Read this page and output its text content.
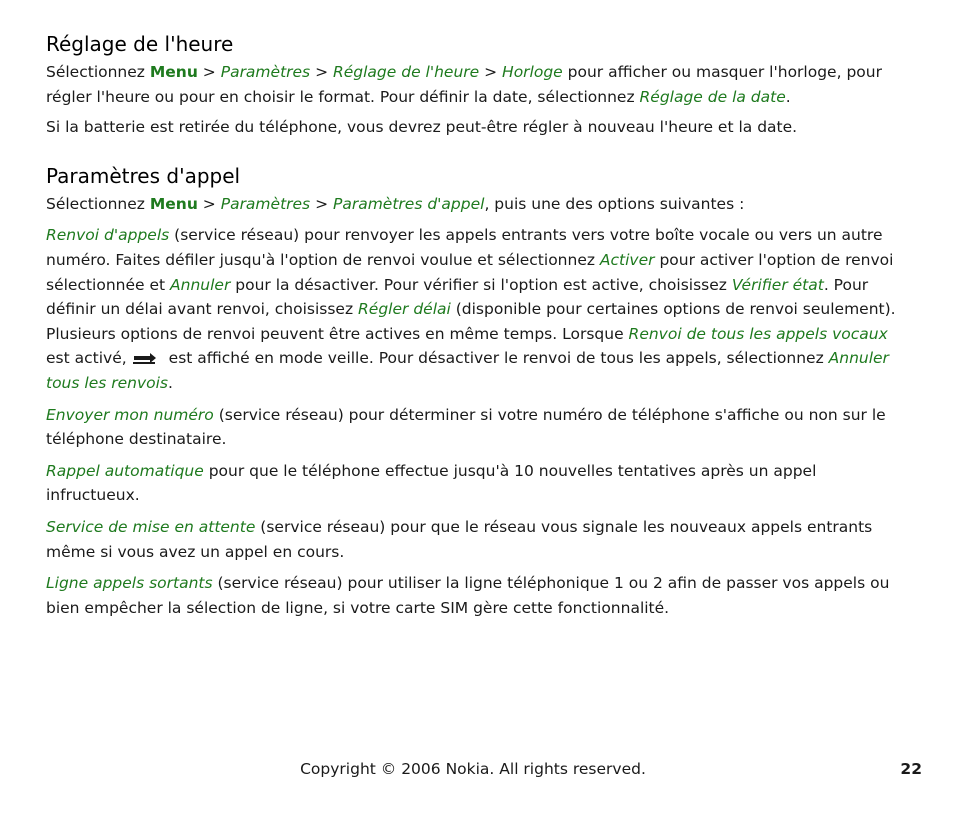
Réglage de l'heure

Sélectionnez Menu > Paramètres > Réglage de l'heure > Horloge pour afficher ou masquer l'horloge, pour régler l'heure ou pour en choisir le format. Pour définir la date, sélectionnez Réglage de la date.

Si la batterie est retirée du téléphone, vous devrez peut-être régler à nouveau l'heure et la date.

Paramètres d'appel

Sélectionnez Menu > Paramètres > Paramètres d'appel, puis une des options suivantes :

Renvoi d'appels (service réseau) pour renvoyer les appels entrants vers votre boîte vocale ou vers un autre numéro. Faites défiler jusqu'à l'option de renvoi voulue et sélectionnez Activer pour activer l'option de renvoi sélectionnée et Annuler pour la désactiver. Pour vérifier si l'option est active, choisissez Vérifier état. Pour définir un délai avant renvoi, choisissez Régler délai (disponible pour certaines options de renvoi seulement). Plusieurs options de renvoi peuvent être actives en même temps. Lorsque Renvoi de tous les appels vocaux est activé,	est affiché en mode veille. Pour désactiver le renvoi de tous les appels, sélectionnez Annuler tous les renvois.

Envoyer mon numéro (service réseau) pour déterminer si votre numéro de téléphone s'affiche ou non sur le téléphone destinataire.

Rappel automatique pour que le téléphone effectue jusqu'à 10 nouvelles tentatives après un appel infructueux.

Service de mise en attente (service réseau) pour que le réseau vous signale les nouveaux appels entrants même si vous avez un appel en cours.

Ligne appels sortants (service réseau) pour utiliser la ligne téléphonique 1 ou 2 afin de passer vos appels ou bien empêcher la sélection de ligne, si votre carte SIM gère cette fonctionnalité.

Copyright © 2006 Nokia. All rights reserved.	22
